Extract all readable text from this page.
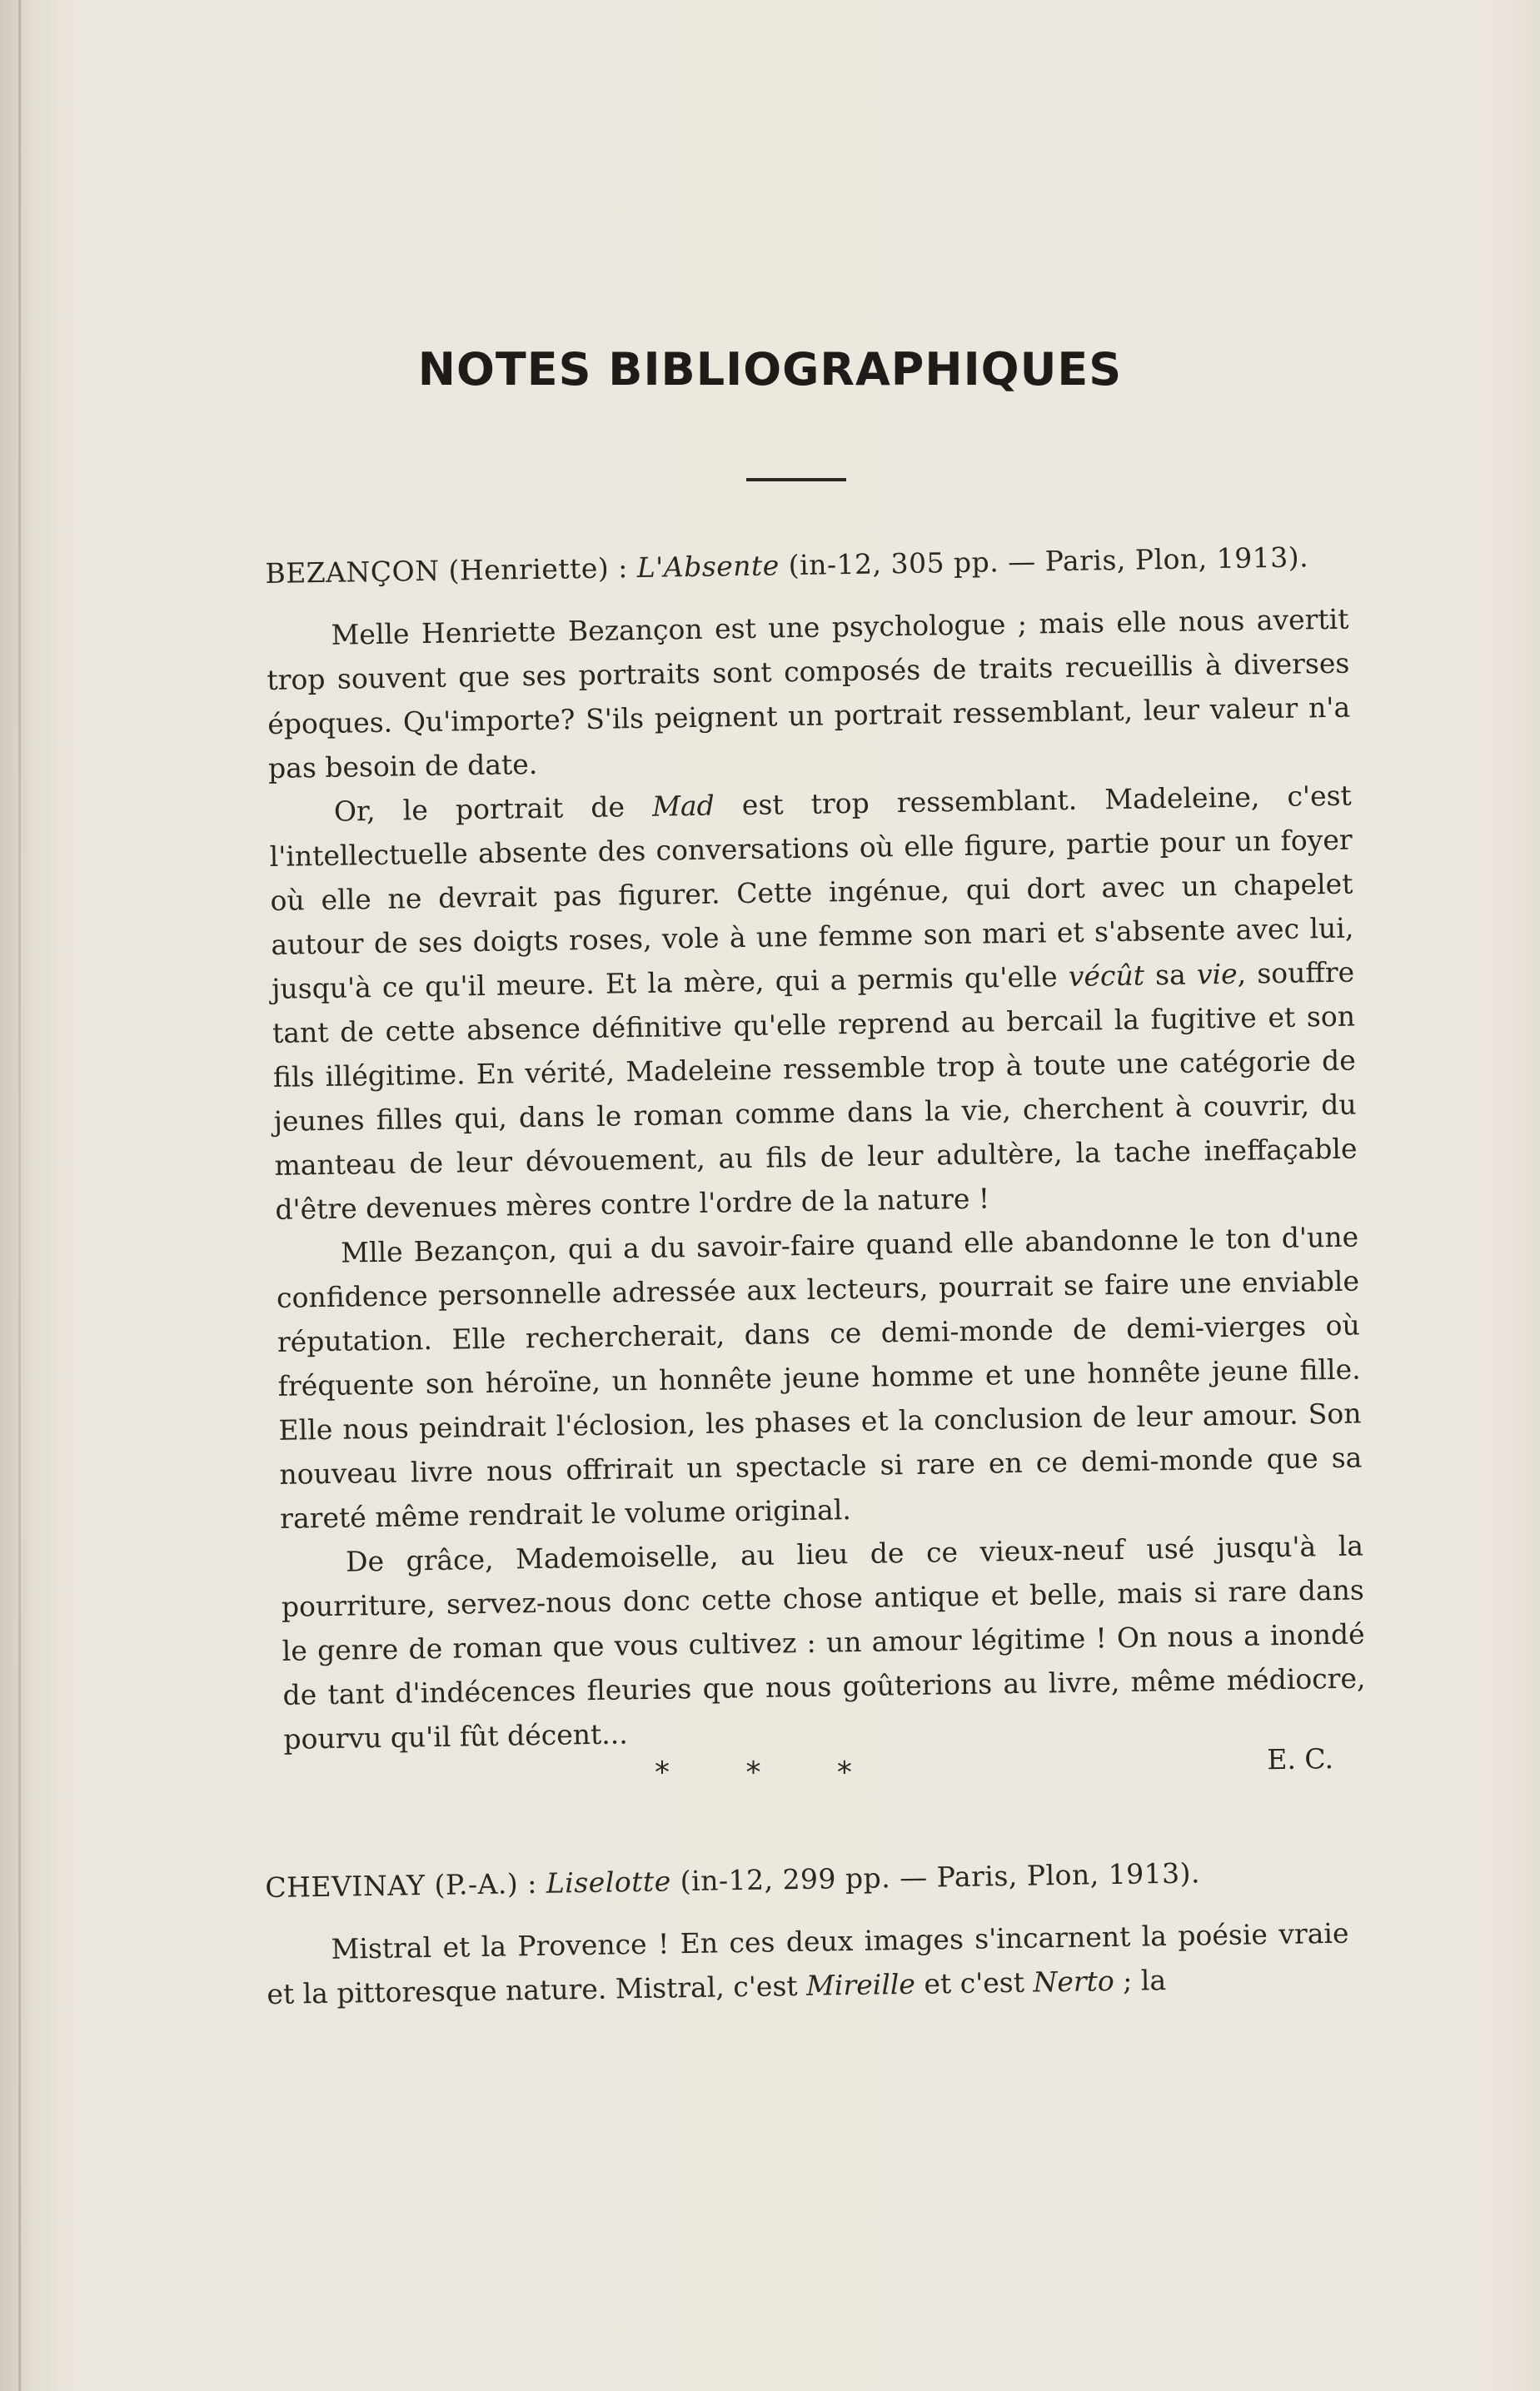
NOTES BIBLIOGRAPHIQUES

BEZANÇON (Henriette) : L'Absente (in-12, 305 pp. — Paris, Plon, 1913).

Melle Henriette Bezançon est une psychologue ; mais elle nous avertit trop souvent que ses portraits sont composés de traits recueillis à diverses époques. Qu'importe? S'ils peignent un portrait ressemblant, leur valeur n'a pas besoin de date.

Or, le portrait de Mad est trop ressemblant. Madeleine, c'est l'intellectuelle absente des conversations où elle figure, partie pour un foyer où elle ne devrait pas figurer. Cette ingénue, qui dort avec un chapelet autour de ses doigts roses, vole à une femme son mari et s'absente avec lui, jusqu'à ce qu'il meure. Et la mère, qui a permis qu'elle vécût sa vie, souffre tant de cette absence définitive qu'elle reprend au bercail la fugitive et son fils illégitime. En vérité, Madeleine ressemble trop à toute une catégorie de jeunes filles qui, dans le roman comme dans la vie, cherchent à couvrir, du manteau de leur dévouement, au fils de leur adultère, la tache ineffaçable d'être devenues mères contre l'ordre de la nature !

Mlle Bezançon, qui a du savoir-faire quand elle abandonne le ton d'une confidence personnelle adressée aux lecteurs, pourrait se faire une enviable réputation. Elle rechercherait, dans ce demi-monde de demi-vierges où fréquente son héroïne, un honnête jeune homme et une honnête jeune fille. Elle nous peindrait l'éclosion, les phases et la conclusion de leur amour. Son nouveau livre nous offrirait un spectacle si rare en ce demi-monde que sa rareté même rendrait le volume original.

De grâce, Mademoiselle, au lieu de ce vieux-neuf usé jusqu'à la pourriture, servez-nous donc cette chose antique et belle, mais si rare dans le genre de roman que vous cultivez : un amour légitime ! On nous a inondé de tant d'indécences fleuries que nous goûterions au livre, même médiocre, pourvu qu'il fût décent...

E. C.

* * *

CHEVINAY (P.-A.) : Liselotte (in-12, 299 pp. — Paris, Plon, 1913).

Mistral et la Provence ! En ces deux images s'incarnent la poésie vraie et la pittoresque nature. Mistral, c'est Mireille et c'est Nerto ; la
